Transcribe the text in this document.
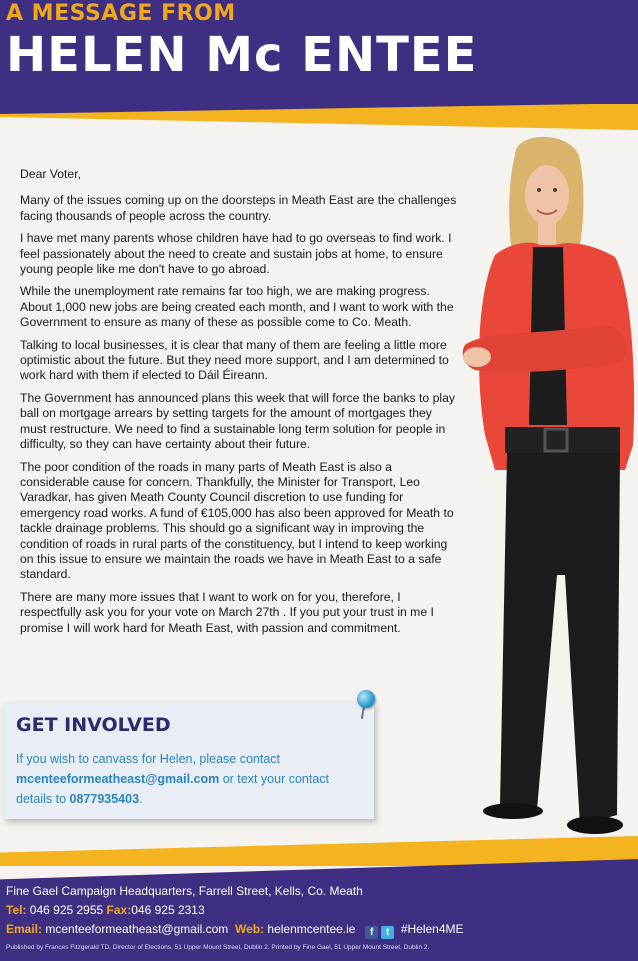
A MESSAGE FROM
HELEN Mc ENTEE

Dear Voter,

Many of the issues coming up on the doorsteps in Meath East are the challenges facing thousands of people across the country.

I have met many parents whose children have had to go overseas to find work. I feel passionately about the need to create and sustain jobs at home, to ensure young people like me don't have to go abroad.

While the unemployment rate remains far too high, we are making progress. About 1,000 new jobs are being created each month, and I want to work with the Government to ensure as many of these as possible come to Co. Meath.

Talking to local businesses, it is clear that many of them are feeling a little more optimistic about the future. But they need more support, and I am determined to work hard with them if elected to Dáil Éireann.

The Government has announced plans this week that will force the banks to play ball on mortgage arrears by setting targets for the amount of mortgages they must restructure. We need to find a sustainable long term solution for people in difficulty, so they can have certainty about their future.

The poor condition of the roads in many parts of Meath East is also a considerable cause for concern. Thankfully, the Minister for Transport, Leo Varadkar, has given Meath County Council discretion to use funding for emergency road works. A fund of €105,000 has also been approved for Meath to tackle drainage problems. This should go a significant way in improving the condition of roads in rural parts of the constituency, but I intend to keep working on this issue to ensure we maintain the roads we have in Meath East to a safe standard.

There are many more issues that I want to work on for you, therefore, I respectfully ask you for your vote on March 27th . If you put your trust in me I promise I will work hard for Meath East, with passion and commitment.

GET INVOLVED
If you wish to canvass for Helen, please contact mcenteeformeatheast@gmail.com or text your contact details to 0877935403.
Fine Gael Campaign Headquarters, Farrell Street, Kells, Co. Meath
Tel: 046 925 2955 Fax:046 925 2313
Email: mcenteeformeatheast@gmail.com Web: helenmcentee.ie f t #Helen4ME
Published by Frances Fitzgerald TD, Director of Elections, 51 Upper Mount Street, Dublin 2. Printed by Fine Gael, 51 Upper Mount Street, Dublin 2.
